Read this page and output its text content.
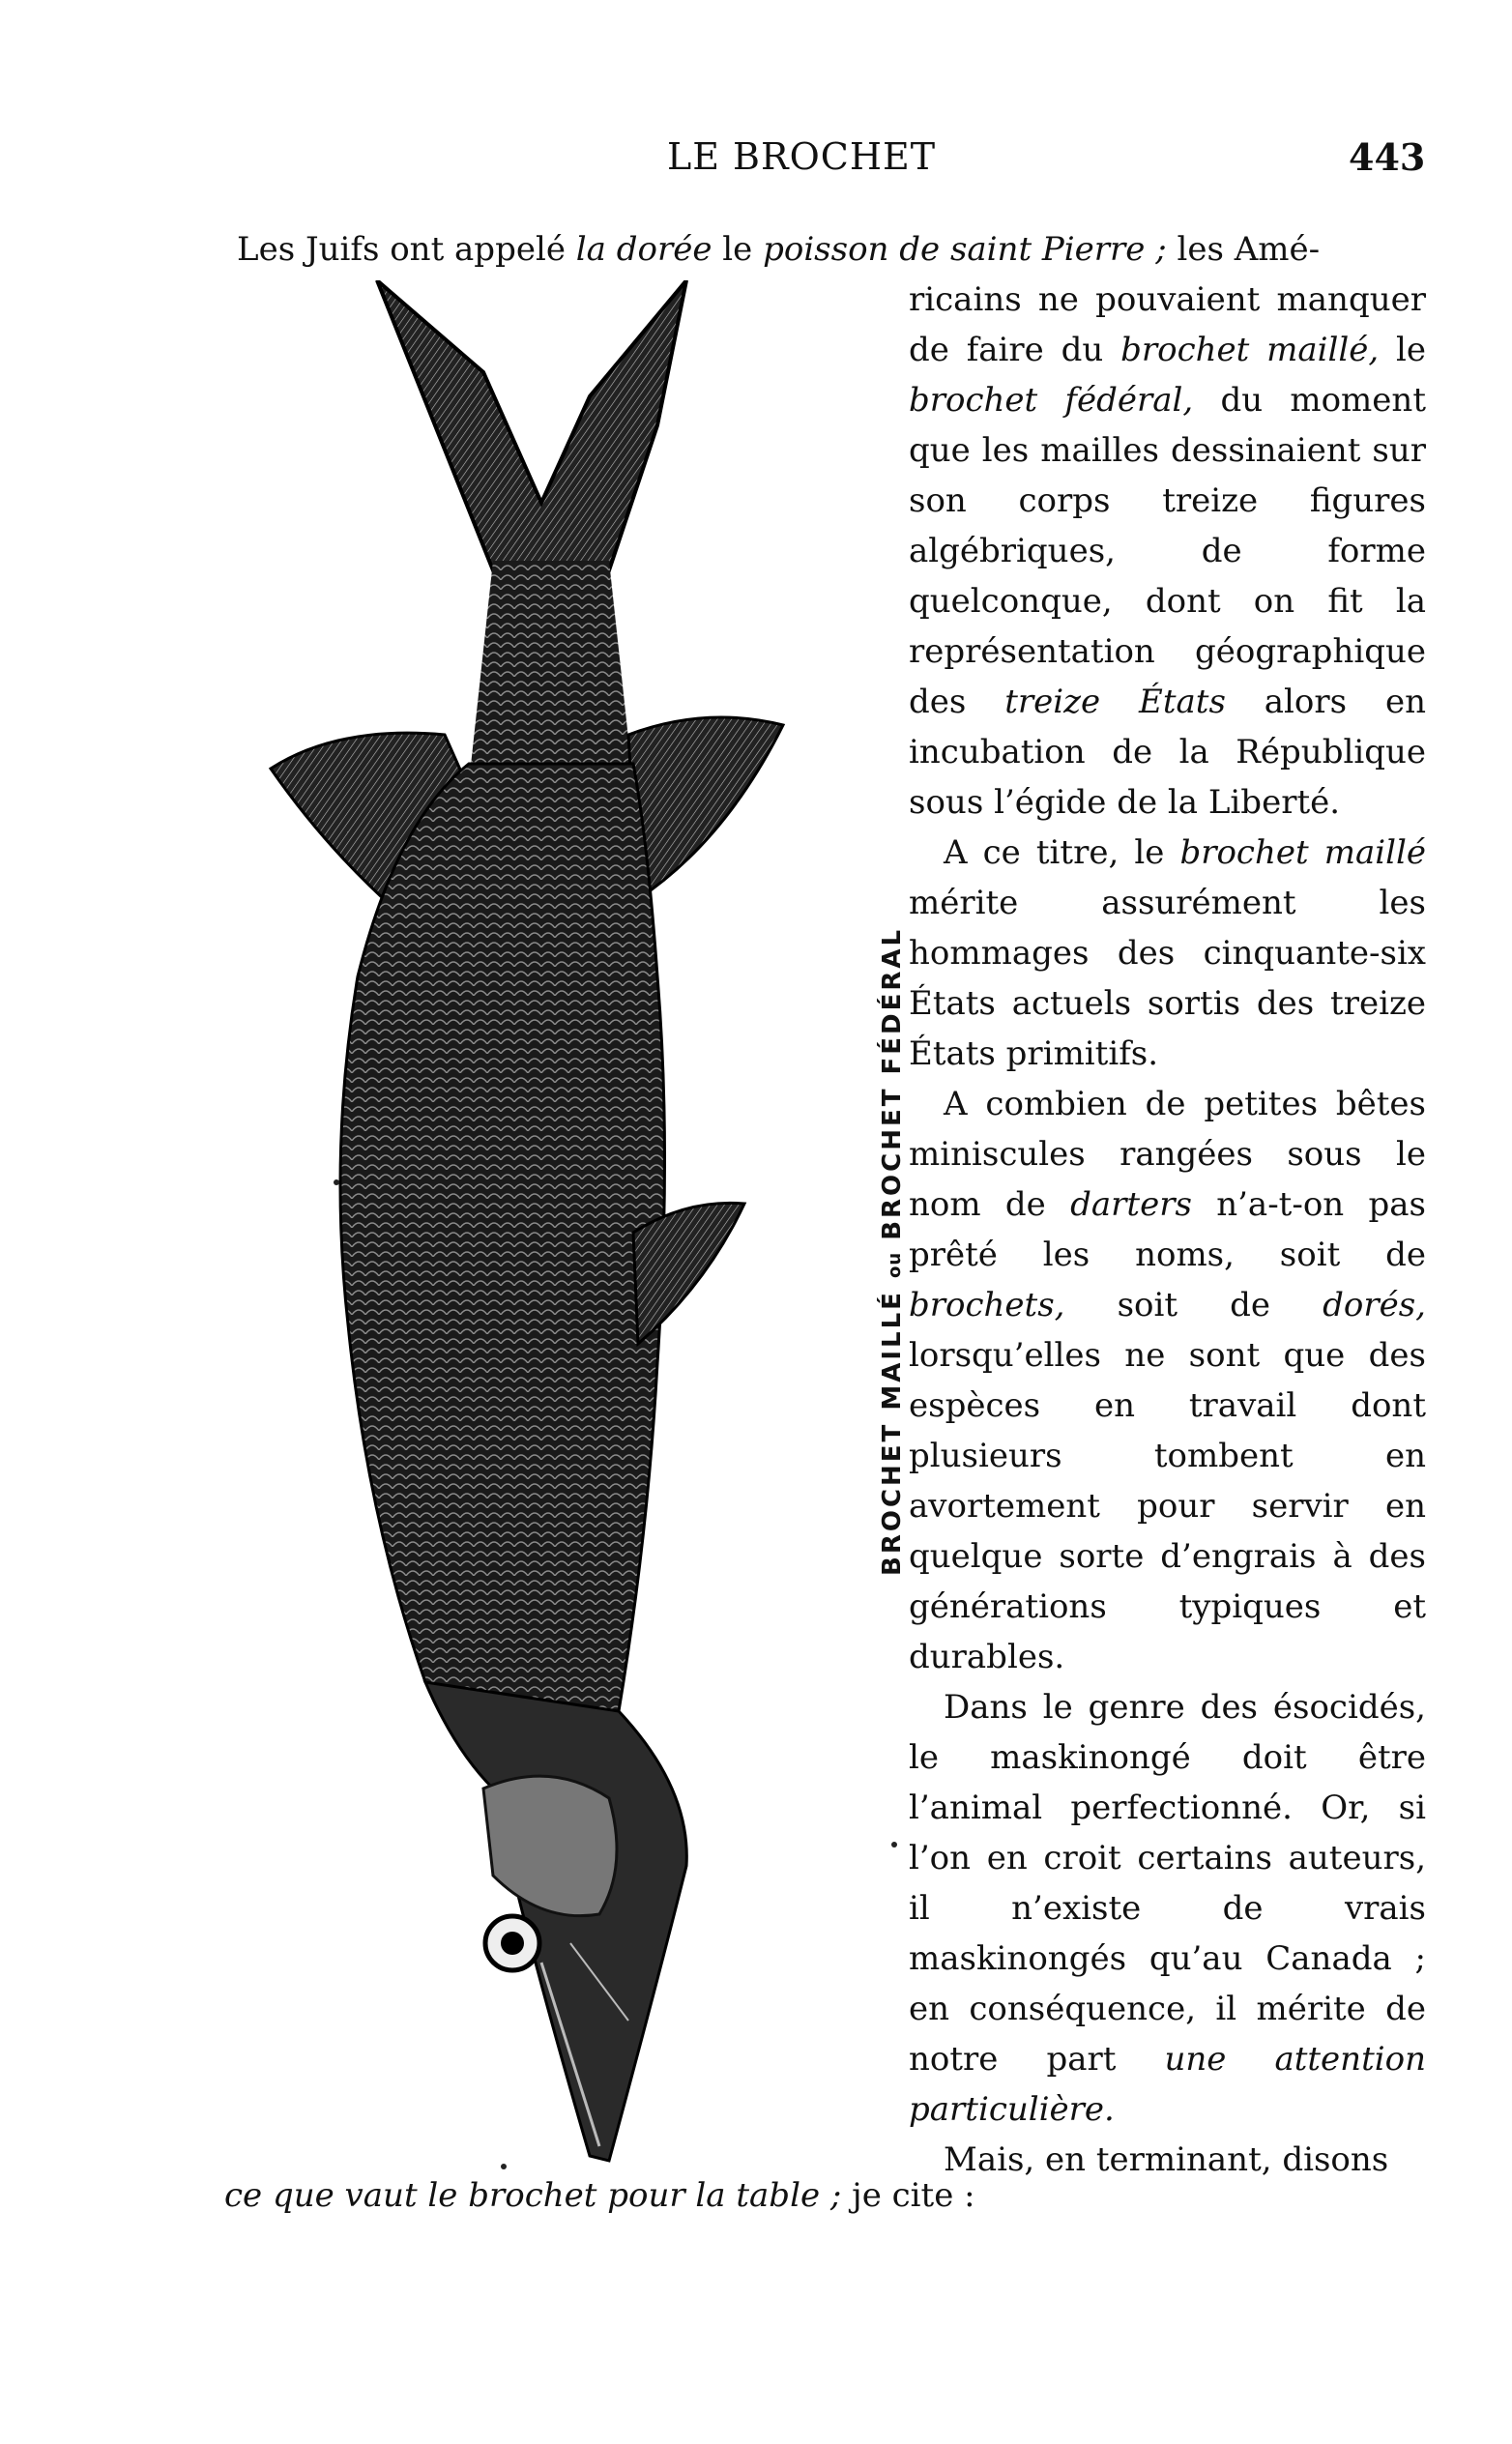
LE BROCHET	443
Les Juifs ont appelé la dorée le poisson de saint Pierre ; les Amé-

ricains ne pouvaient manquer de faire du brochet maillé, le brochet fédéral, du moment que les mailles dessinaient sur son corps treize figures algébriques, de forme quelconque, dont on fit la représentation géographique des treize États alors en incubation de la République sous l’égide de la Liberté.

A ce titre, le brochet maillé mérite assurément les hommages des cinquante-six États actuels sortis des treize États primitifs.

A combien de petites bêtes miniscules rangées sous le nom de darters n’a-t-on pas prêté les noms, soit de brochets, soit de dorés, lorsqu’elles ne sont que des espèces en travail dont plusieurs tombent en avortement pour servir en quelque sorte d’engrais à des générations typiques et durables.

Dans le genre des ésocidés, le maskinongé doit être l’animal perfectionné. Or, si l’on en croit certains auteurs, il n’existe de vrais maskinongés qu’au Canada ; en conséquence, il mérite de notre part une attention particulière.

Mais, en terminant, disons

ce que vaut le brochet pour la table ; je cite :
BROCHET MAILLÉ ou BROCHET FÉDÉRAL
